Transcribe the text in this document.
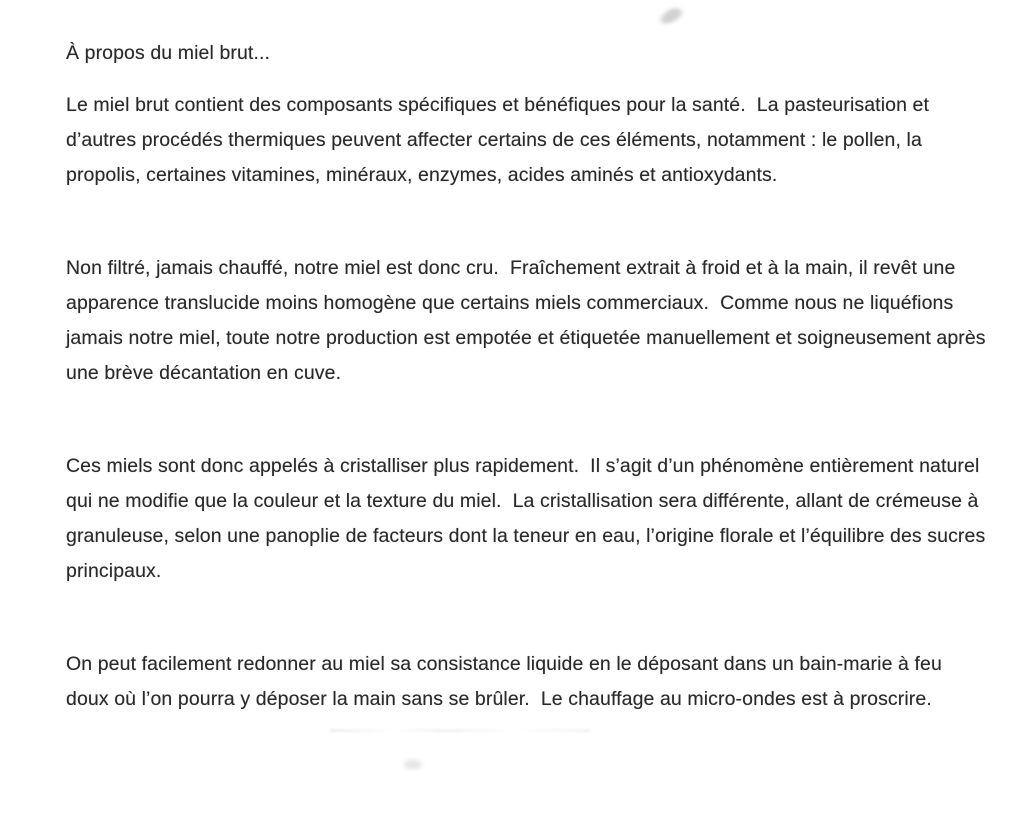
À propos du miel brut...

Le miel brut contient des composants spécifiques et bénéfiques pour la santé.  La pasteurisation et d’autres procédés thermiques peuvent affecter certains de ces éléments, notamment : le pollen, la propolis, certaines vitamines, minéraux, enzymes, acides aminés et antioxydants.

Non filtré, jamais chauffé, notre miel est donc cru.  Fraîchement extrait à froid et à la main, il revêt une apparence translucide moins homogène que certains miels commerciaux.  Comme nous ne liquéfions jamais notre miel, toute notre production est empotée et étiquetée manuellement et soigneusement après une brève décantation en cuve.

Ces miels sont donc appelés à cristalliser plus rapidement.  Il s’agit d’un phénomène entièrement naturel qui ne modifie que la couleur et la texture du miel.  La cristallisation sera différente, allant de crémeuse à granuleuse, selon une panoplie de facteurs dont la teneur en eau, l’origine florale et l’équilibre des sucres principaux.

On peut facilement redonner au miel sa consistance liquide en le déposant dans un bain-marie à feu doux où l’on pourra y déposer la main sans se brûler.  Le chauffage au micro-ondes est à proscrire.
